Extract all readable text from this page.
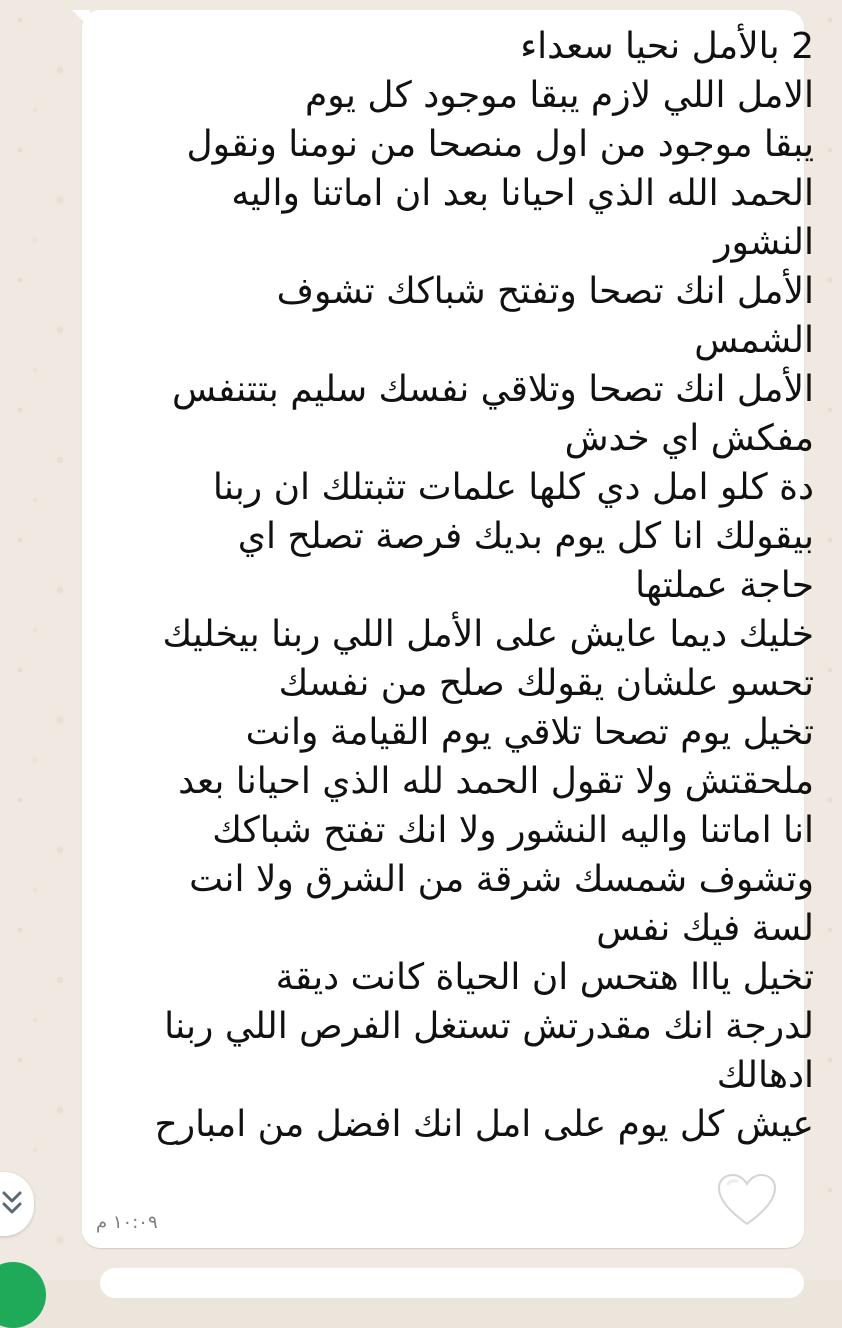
2 بالأمل نحيا سعداء
الامل اللي لازم يبقا موجود كل يوم
يبقا موجود من اول منصحا من نومنا ونقول
الحمد الله الذي احيانا بعد ان اماتنا واليه
النشور
الأمل انك تصحا وتفتح شباكك تشوف
الشمس
الأمل انك تصحا وتلاقي نفسك سليم بتتنفس
مفكش اي خدش
دة كلو امل دي كلها علمات تثبتلك ان ربنا
بيقولك انا كل يوم بديك فرصة تصلح اي
حاجة عملتها
خليك ديما عايش على الأمل اللي ربنا بيخليك
تحسو علشان يقولك صلح من نفسك
تخيل يوم تصحا تلاقي يوم القيامة وانت
ملحقتش ولا تقول الحمد لله الذي احيانا بعد
انا اماتنا واليه النشور ولا انك تفتح شباكك
وتشوف شمسك شرقة من الشرق ولا انت
لسة فيك نفس
تخيل يااا هتحس ان الحياة كانت ديقة
لدرجة انك مقدرتش تستغل الفرص اللي ربنا
ادهالك
عيش كل يوم على امل انك افضل من امبارح
١٠:٠٩ م
